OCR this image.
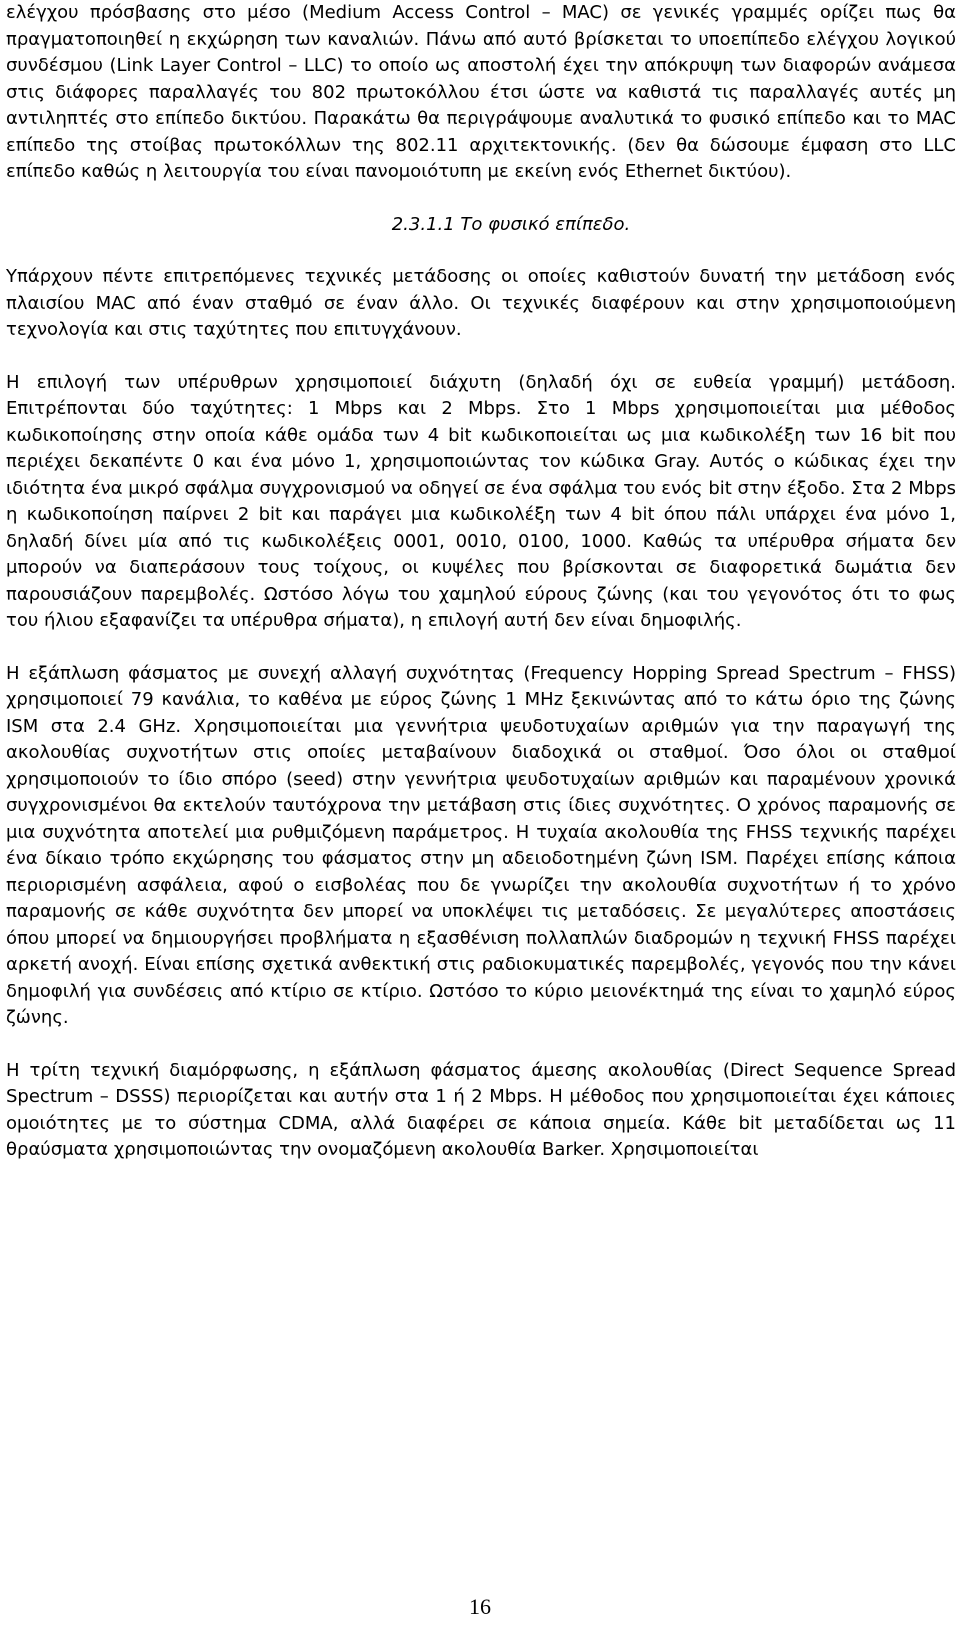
ελέγχου πρόσβασης στο μέσο (Medium Access Control – MAC) σε γενικές γραμμές ορίζει πως θα πραγματοποιηθεί η εκχώρηση των καναλιών. Πάνω από αυτό βρίσκεται το υποεπίπεδο ελέγχου λογικού συνδέσμου (Link Layer Control – LLC) το οποίο ως αποστολή έχει την απόκρυψη των διαφορών ανάμεσα στις διάφορες παραλλαγές του 802 πρωτοκόλλου έτσι ώστε να καθιστά τις παραλλαγές αυτές μη αντιληπτές στο επίπεδο δικτύου. Παρακάτω θα περιγράψουμε αναλυτικά το φυσικό επίπεδο και το MAC επίπεδο της στοίβας πρωτοκόλλων της 802.11 αρχιτεκτονικής. (δεν θα δώσουμε έμφαση στο LLC επίπεδο καθώς η λειτουργία του είναι πανομοιότυπη με εκείνη ενός Ethernet δικτύου).

2.3.1.1 Το φυσικό επίπεδο.

Υπάρχουν πέντε επιτρεπόμενες τεχνικές μετάδοσης οι οποίες καθιστούν δυνατή την μετάδοση ενός πλαισίου MAC από έναν σταθμό σε έναν άλλο. Οι τεχνικές διαφέρουν και στην χρησιμοποιούμενη τεχνολογία και στις ταχύτητες που επιτυγχάνουν.

Η επιλογή των υπέρυθρων χρησιμοποιεί διάχυτη (δηλαδή όχι σε ευθεία γραμμή) μετάδοση. Επιτρέπονται δύο ταχύτητες: 1 Mbps και 2 Mbps. Στο 1 Mbps χρησιμοποιείται μια μέθοδος κωδικοποίησης στην οποία κάθε ομάδα των 4 bit κωδικοποιείται ως μια κωδικολέξη των 16 bit που περιέχει δεκαπέντε 0 και ένα μόνο 1, χρησιμοποιώντας τον κώδικα Gray. Αυτός ο κώδικας έχει την ιδιότητα ένα μικρό σφάλμα συγχρονισμού να οδηγεί σε ένα σφάλμα του ενός bit στην έξοδο. Στα 2 Mbps η κωδικοποίηση παίρνει 2 bit και παράγει μια κωδικολέξη των 4 bit όπου πάλι υπάρχει ένα μόνο 1, δηλαδή δίνει μία από τις κωδικολέξεις 0001, 0010, 0100, 1000. Καθώς τα υπέρυθρα σήματα δεν μπορούν να διαπεράσουν τους τοίχους, οι κυψέλες που βρίσκονται σε διαφορετικά δωμάτια δεν παρουσιάζουν παρεμβολές. Ωστόσο λόγω του χαμηλού εύρους ζώνης (και του γεγονότος ότι το φως του ήλιου εξαφανίζει τα υπέρυθρα σήματα), η επιλογή αυτή δεν είναι δημοφιλής.

Η εξάπλωση φάσματος με συνεχή αλλαγή συχνότητας (Frequency Hopping Spread Spectrum – FHSS) χρησιμοποιεί 79 κανάλια, το καθένα με εύρος ζώνης 1 MHz ξεκινώντας από το κάτω όριο της ζώνης ISM στα 2.4 GHz. Χρησιμοποιείται μια γεννήτρια ψευδοτυχαίων αριθμών για την παραγωγή της ακολουθίας συχνοτήτων στις οποίες μεταβαίνουν διαδοχικά οι σταθμοί. Όσο όλοι οι σταθμοί χρησιμοποιούν το ίδιο σπόρο (seed) στην γεννήτρια ψευδοτυχαίων αριθμών και παραμένουν χρονικά συγχρονισμένοι θα εκτελούν ταυτόχρονα την μετάβαση στις ίδιες συχνότητες. Ο χρόνος παραμονής σε μια συχνότητα αποτελεί μια ρυθμιζόμενη παράμετρος. Η τυχαία ακολουθία της FHSS τεχνικής παρέχει ένα δίκαιο τρόπο εκχώρησης του φάσματος στην μη αδειοδοτημένη ζώνη ISM. Παρέχει επίσης κάποια περιορισμένη ασφάλεια, αφού ο εισβολέας που δε γνωρίζει την ακολουθία συχνοτήτων ή το χρόνο παραμονής σε κάθε συχνότητα δεν μπορεί να υποκλέψει τις μεταδόσεις. Σε μεγαλύτερες αποστάσεις όπου μπορεί να δημιουργήσει προβλήματα η εξασθένιση πολλαπλών διαδρομών η τεχνική FHSS παρέχει αρκετή ανοχή. Είναι επίσης σχετικά ανθεκτική στις ραδιοκυματικές παρεμβολές, γεγονός που την κάνει δημοφιλή για συνδέσεις από κτίριο σε κτίριο. Ωστόσο το κύριο μειονέκτημά της είναι το χαμηλό εύρος ζώνης.

Η τρίτη τεχνική διαμόρφωσης, η εξάπλωση φάσματος άμεσης ακολουθίας (Direct Sequence Spread Spectrum – DSSS) περιορίζεται και αυτήν στα 1 ή 2 Mbps. Η μέθοδος που χρησιμοποιείται έχει κάποιες ομοιότητες με το σύστημα CDMA, αλλά διαφέρει σε κάποια σημεία. Κάθε bit μεταδίδεται ως 11 θραύσματα χρησιμοποιώντας την ονομαζόμενη ακολουθία Barker. Χρησιμοποιείται

16
